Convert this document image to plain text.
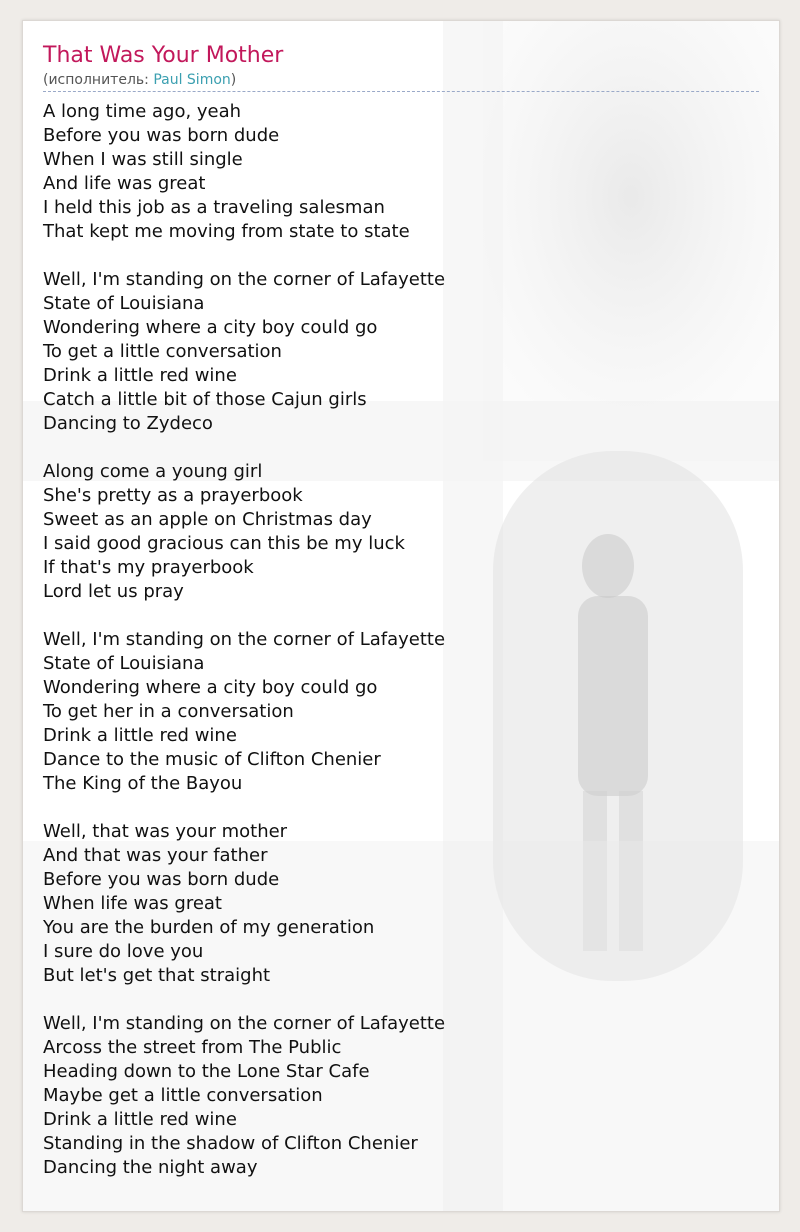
That Was Your Mother
(исполнитель: Paul Simon)
A long time ago, yeah
Before you was born dude
When I was still single
And life was great
I held this job as a traveling salesman
That kept me moving from state to state
Well, I'm standing on the corner of Lafayette
State of Louisiana
Wondering where a city boy could go
To get a little conversation
Drink a little red wine
Catch a little bit of those Cajun girls
Dancing to Zydeco
Along come a young girl
She's pretty as a prayerbook
Sweet as an apple on Christmas day
I said good gracious can this be my luck
If that's my prayerbook
Lord let us pray
Well, I'm standing on the corner of Lafayette
State of Louisiana
Wondering where a city boy could go
To get her in a conversation
Drink a little red wine
Dance to the music of Clifton Chenier
The King of the Bayou
Well, that was your mother
And that was your father
Before you was born dude
When life was great
You are the burden of my generation
I sure do love you
But let's get that straight
Well, I'm standing on the corner of Lafayette
Arcoss the street from The Public
Heading down to the Lone Star Cafe
Maybe get a little conversation
Drink a little red wine
Standing in the shadow of Clifton Chenier
Dancing the night away
